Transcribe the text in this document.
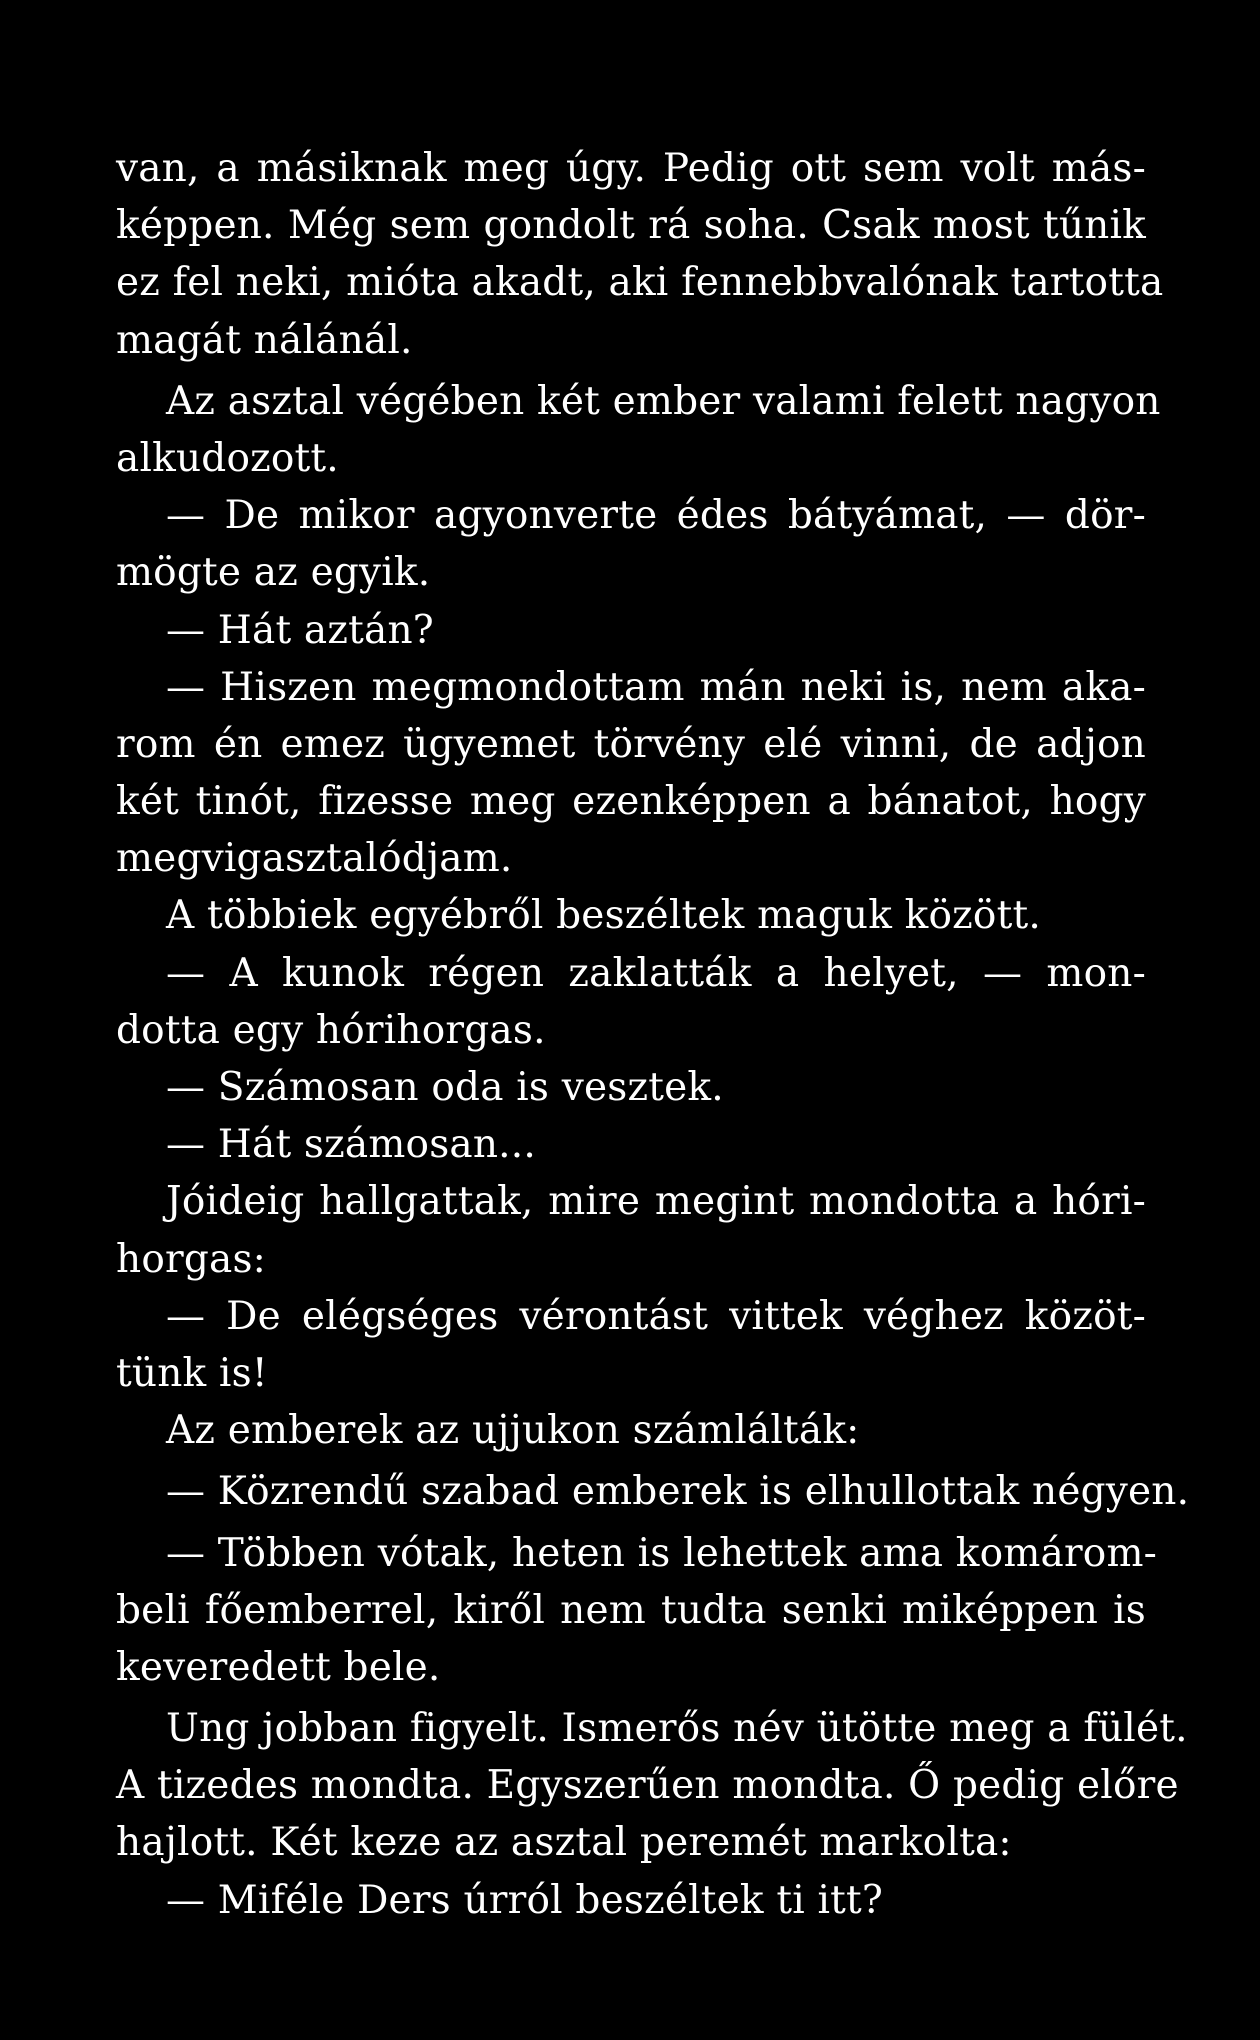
van, a másiknak meg úgy. Pedig ott sem volt más-
képpen. Még sem gondolt rá soha. Csak most tűnik
ez fel neki, mióta akadt, aki fennebbvalónak tartotta
magát nálánál.
Az asztal végében két ember valami felett nagyon
alkudozott.
— De mikor agyonverte édes bátyámat, — dör-
mögte az egyik.
— Hát aztán?
— Hiszen megmondottam mán neki is, nem aka-
rom én emez ügyemet törvény elé vinni, de adjon
két tinót, fizesse meg ezenképpen a bánatot, hogy
megvigasztalódjam.
A többiek egyébről beszéltek maguk között.
— A kunok régen zaklatták a helyet, — mon-
dotta egy hórihorgas.
— Számosan oda is vesztek.
— Hát számosan...
Jóideig hallgattak, mire megint mondotta a hóri-
horgas:
— De elégséges vérontást vittek véghez közöt-
tünk is!
Az emberek az ujjukon számlálták:
— Közrendű szabad emberek is elhullottak négyen.
— Többen vótak, heten is lehettek ama komárom-
beli főemberrel, kiről nem tudta senki miképpen is
keveredett bele.
Ung jobban figyelt. Ismerős név ütötte meg a fülét.
A tizedes mondta. Egyszerűen mondta. Ő pedig előre
hajlott. Két keze az asztal peremét markolta:
— Miféle Ders úrról beszéltek ti itt?
